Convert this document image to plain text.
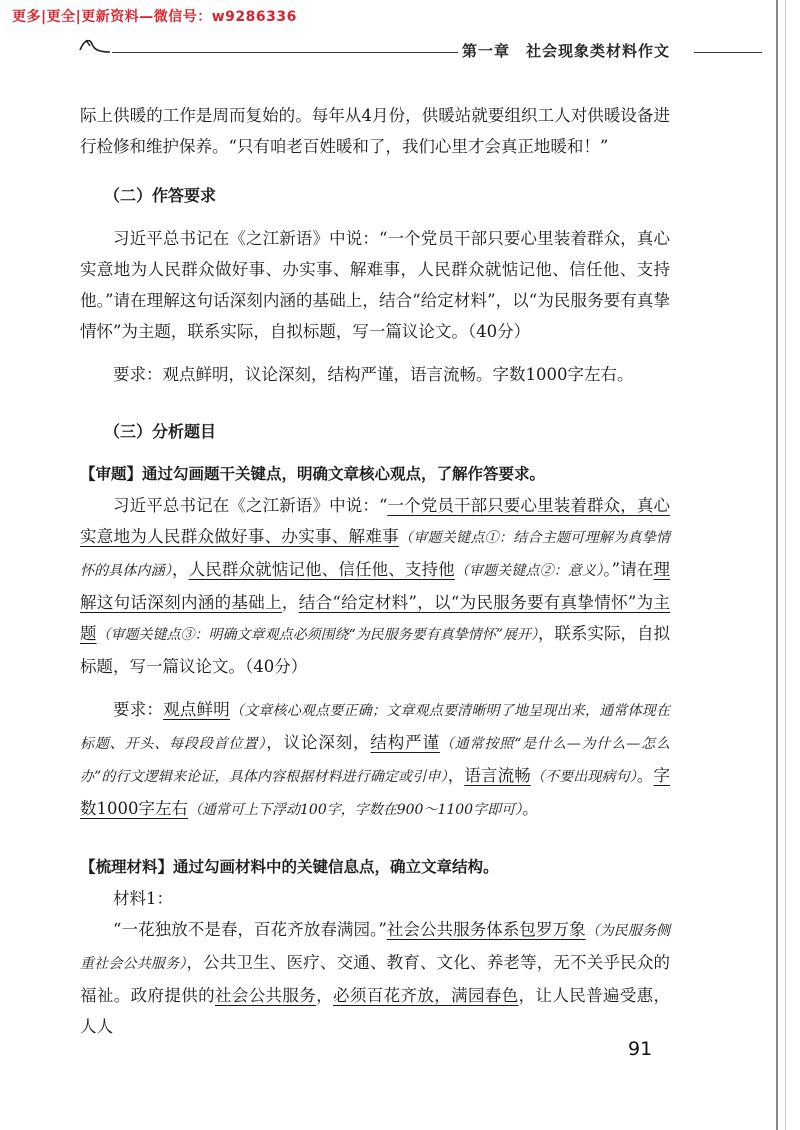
更多|更全|更新资料—微信号：w9286336
第一章 社会现象类材料作文

际上供暖的工作是周而复始的。每年从4月份，供暖站就要组织工人对供暖设备进行检修和维护保养。“只有咱老百姓暖和了，我们心里才会真正地暖和！”

（二）作答要求

习近平总书记在《之江新语》中说：“一个党员干部只要心里装着群众，真心实意地为人民群众做好事、办实事、解难事，人民群众就惦记他、信任他、支持他。”请在理解这句话深刻内涵的基础上，结合“给定材料”，以“为民服务要有真挚情怀”为主题，联系实际，自拟标题，写一篇议论文。（40分）

要求：观点鲜明，议论深刻，结构严谨，语言流畅。字数1000字左右。

（三）分析题目

【审题】通过勾画题干关键点，明确文章核心观点，了解作答要求。

习近平总书记在《之江新语》中说：“一个党员干部只要心里装着群众，真心实意地为人民群众做好事、办实事、解难事（审题关键点①：结合主题可理解为真挚情怀的具体内涵），人民群众就惦记他、信任他、支持他（审题关键点②：意义）。”请在理解这句话深刻内涵的基础上，结合“给定材料”，以“为民服务要有真挚情怀”为主题（审题关键点③：明确文章观点必须围绕“为民服务要有真挚情怀”展开），联系实际，自拟标题，写一篇议论文。（40分）

要求：观点鲜明（文章核心观点要正确；文章观点要清晰明了地呈现出来，通常体现在标题、开头、每段段首位置），议论深刻，结构严谨（通常按照“是什么—为什么—怎么办”的行文逻辑来论证，具体内容根据材料进行确定或引申），语言流畅（不要出现病句）。字数1000字左右（通常可上下浮动100字，字数在900～1100字即可）。

【梳理材料】通过勾画材料中的关键信息点，确立文章结构。

材料1：

“一花独放不是春，百花齐放春满园。”社会公共服务体系包罗万象（为民服务侧重社会公共服务），公共卫生、医疗、交通、教育、文化、养老等，无不关乎民众的福祉。政府提供的社会公共服务，必须百花齐放，满园春色，让人民普遍受惠，人人

91
